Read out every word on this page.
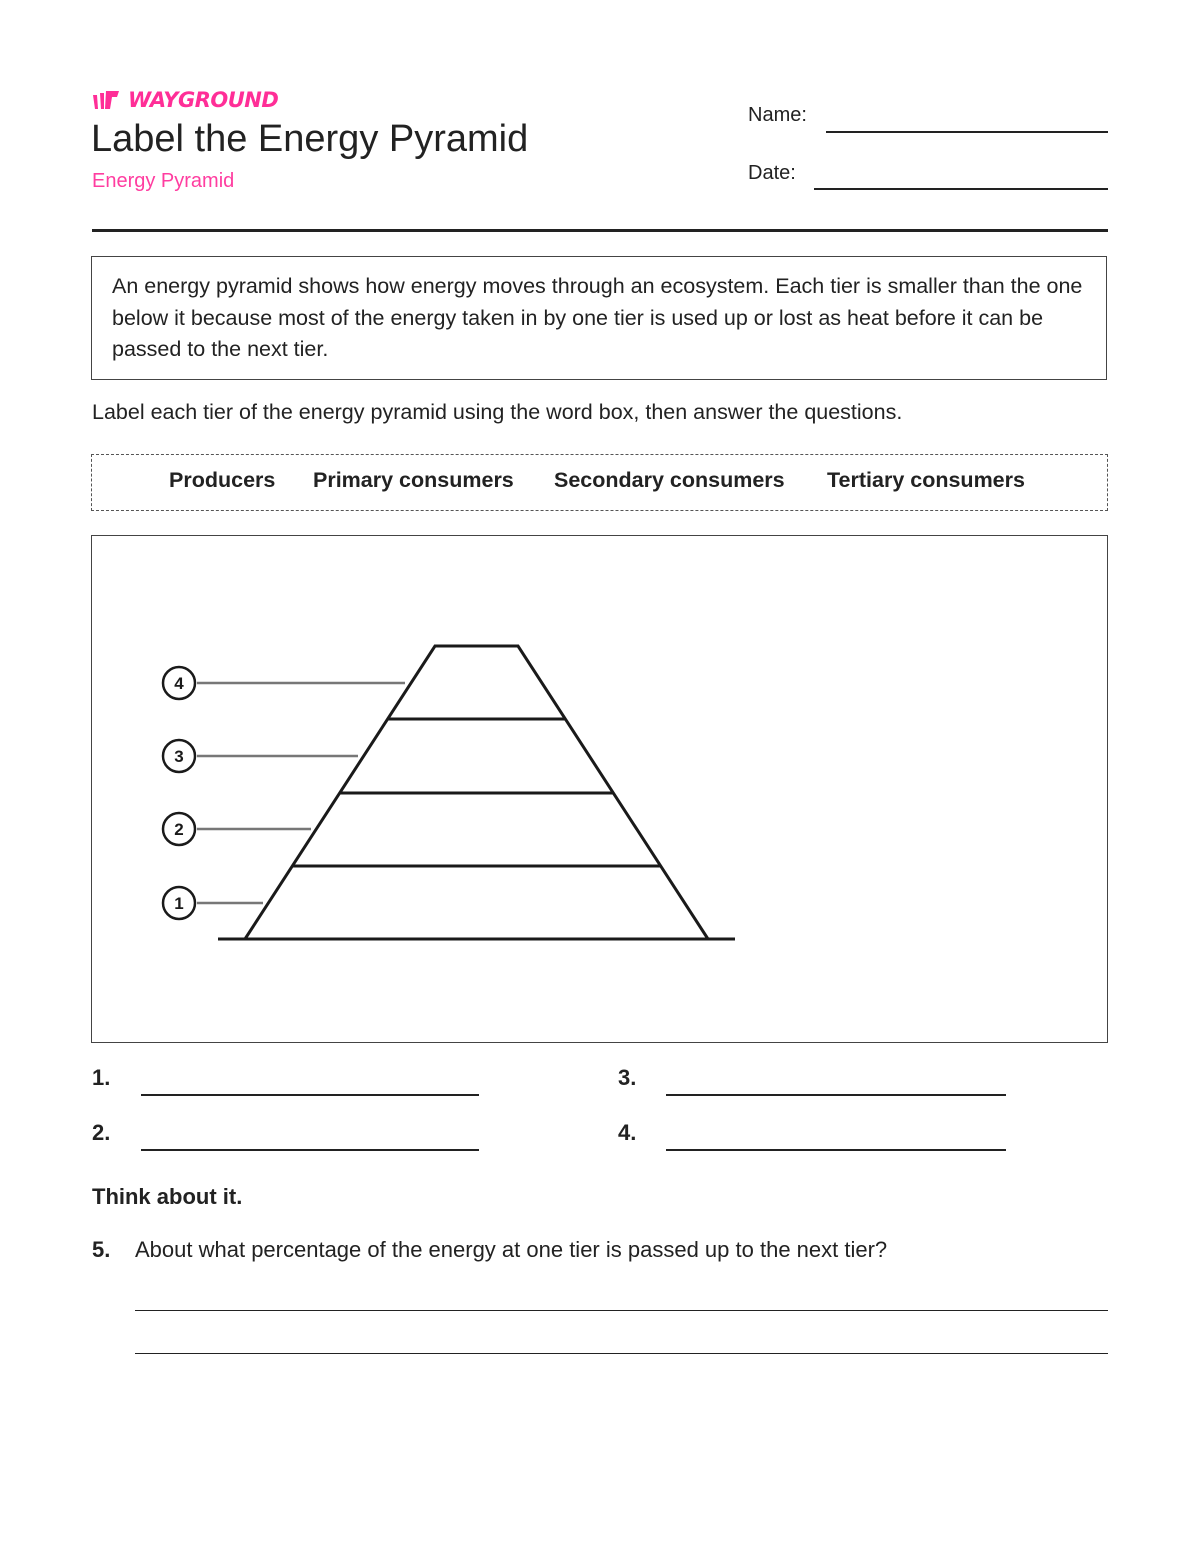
WAYGROUND
Label the Energy Pyramid
Energy Pyramid
Name:
Date:
An energy pyramid shows how energy moves through an ecosystem. Each tier is smaller than the one below it because most of the energy taken in by one tier is used up or lost as heat before it can be passed to the next tier.
Label each tier of the energy pyramid using the word box, then answer the questions.
Producers Primary consumers Secondary consumers Tertiary consumers
4
3
2
1
1.	3.
2.	4.
Think about it.
5. About what percentage of the energy at one tier is passed up to the next tier?
